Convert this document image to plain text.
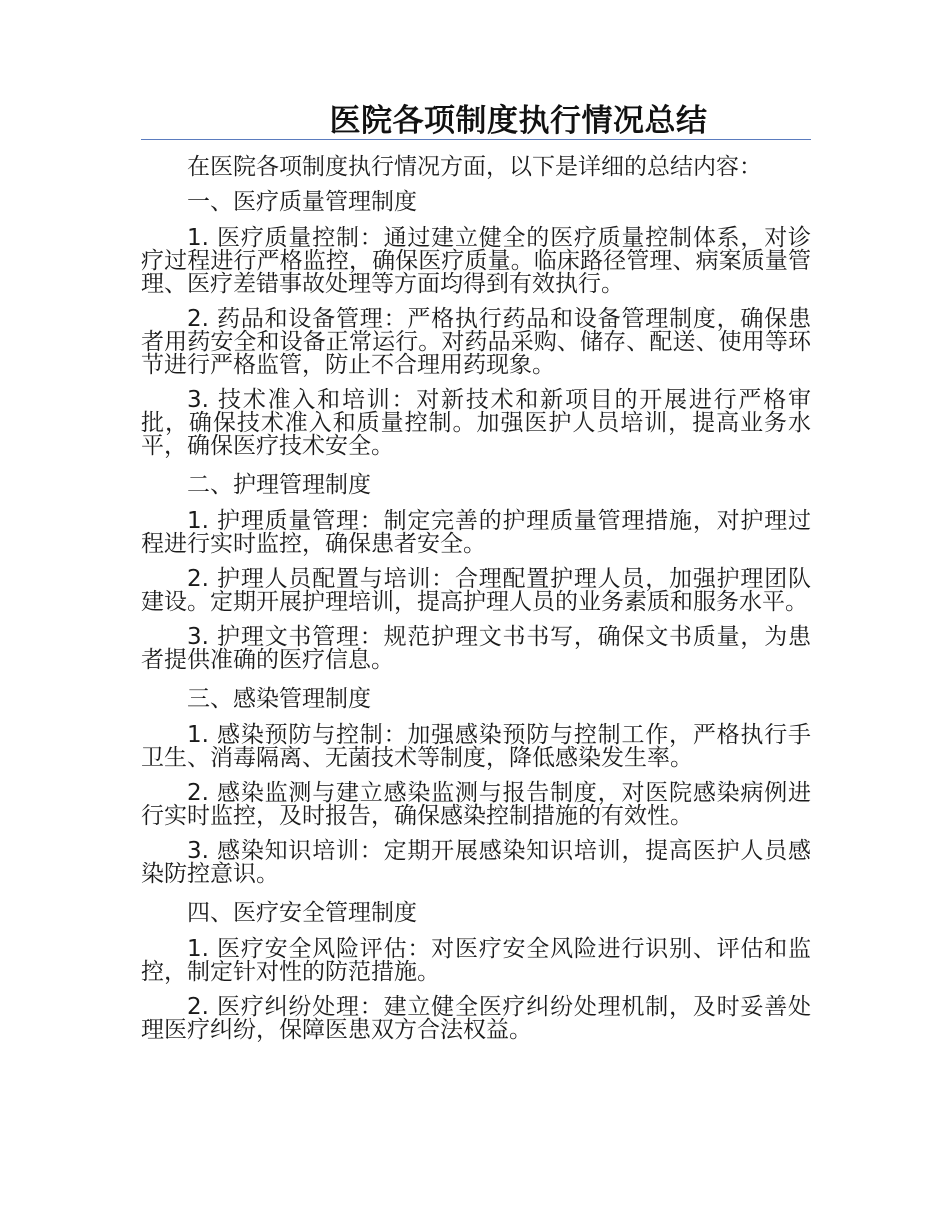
医院各项制度执行情况总结

在医院各项制度执行情况方面，以下是详细的总结内容：

一、医疗质量管理制度

1. 医疗质量控制：通过建立健全的医疗质量控制体系，对诊疗过程进行严格监控，确保医疗质量。临床路径管理、病案质量管理、医疗差错事故处理等方面均得到有效执行。

2. 药品和设备管理：严格执行药品和设备管理制度，确保患者用药安全和设备正常运行。对药品采购、储存、配送、使用等环节进行严格监管，防止不合理用药现象。

3. 技术准入和培训：对新技术和新项目的开展进行严格审批，确保技术准入和质量控制。加强医护人员培训，提高业务水平，确保医疗技术安全。

二、护理管理制度

1. 护理质量管理：制定完善的护理质量管理措施，对护理过程进行实时监控，确保患者安全。

2. 护理人员配置与培训：合理配置护理人员，加强护理团队建设。定期开展护理培训，提高护理人员的业务素质和服务水平。

3. 护理文书管理：规范护理文书书写，确保文书质量，为患者提供准确的医疗信息。

三、感染管理制度

1. 感染预防与控制：加强感染预防与控制工作，严格执行手卫生、消毒隔离、无菌技术等制度，降低感染发生率。

2. 感染监测与建立感染监测与报告制度，对医院感染病例进行实时监控，及时报告，确保感染控制措施的有效性。

3. 感染知识培训：定期开展感染知识培训，提高医护人员感染防控意识。

四、医疗安全管理制度

1. 医疗安全风险评估：对医疗安全风险进行识别、评估和监控，制定针对性的防范措施。

2. 医疗纠纷处理：建立健全医疗纠纷处理机制，及时妥善处理医疗纠纷，保障医患双方合法权益。
